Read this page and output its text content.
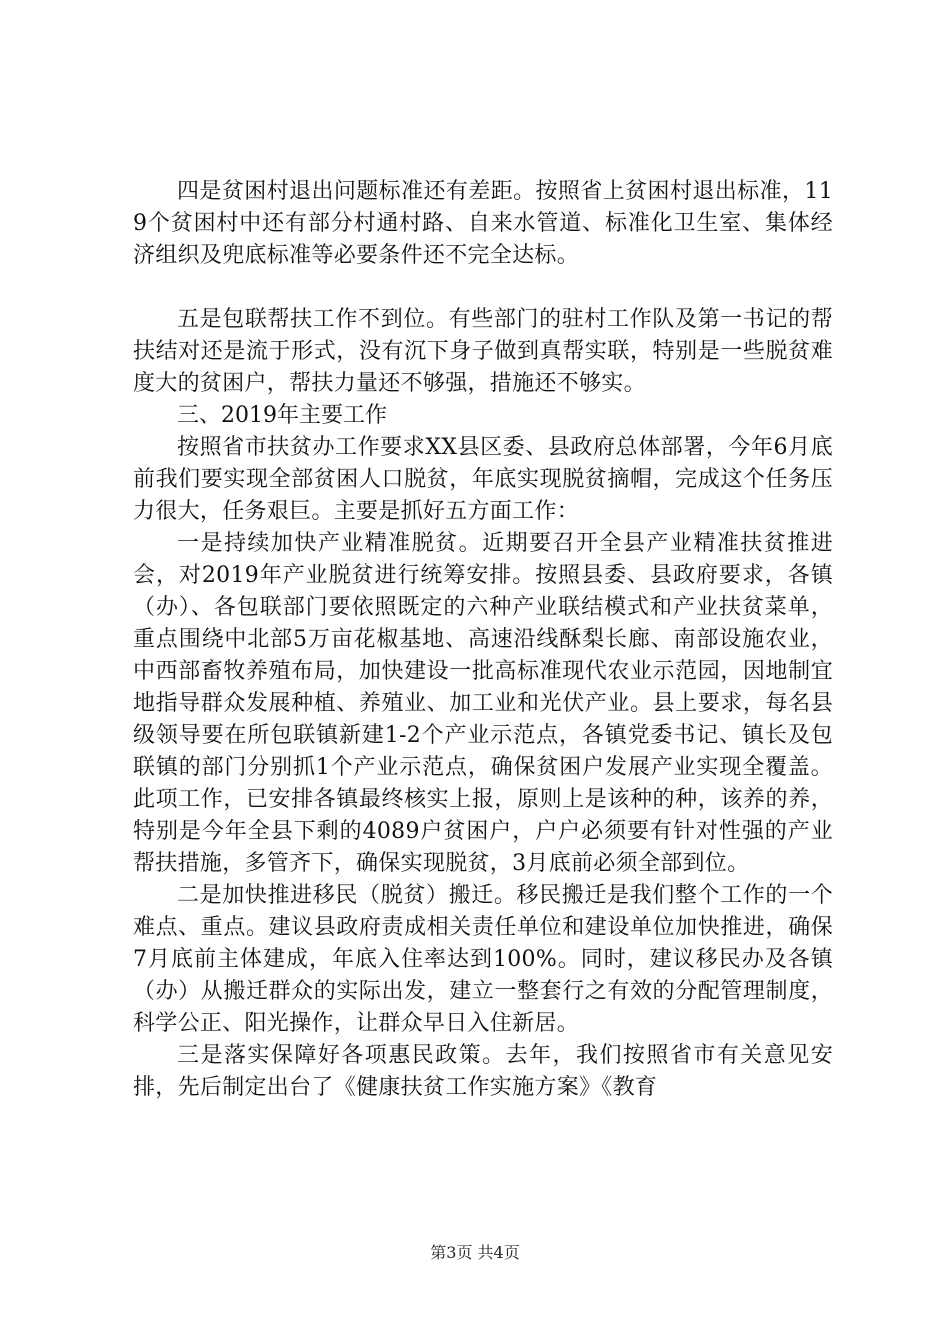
四是贫困村退出问题标准还有差距。按照省上贫困村退出标准，119个贫困村中还有部分村通村路、自来水管道、标准化卫生室、集体经济组织及兜底标准等必要条件还不完全达标。

五是包联帮扶工作不到位。有些部门的驻村工作队及第一书记的帮扶结对还是流于形式，没有沉下身子做到真帮实联，特别是一些脱贫难度大的贫困户，帮扶力量还不够强，措施还不够实。

三、2019年主要工作

按照省市扶贫办工作要求XX县区委、县政府总体部署，今年6月底前我们要实现全部贫困人口脱贫，年底实现脱贫摘帽，完成这个任务压力很大，任务艰巨。主要是抓好五方面工作：

一是持续加快产业精准脱贫。近期要召开全县产业精准扶贫推进会，对2019年产业脱贫进行统筹安排。按照县委、县政府要求，各镇（办）、各包联部门要依照既定的六种产业联结模式和产业扶贫菜单，重点围绕中北部5万亩花椒基地、高速沿线酥梨长廊、南部设施农业，中西部畜牧养殖布局，加快建设一批高标准现代农业示范园，因地制宜地指导群众发展种植、养殖业、加工业和光伏产业。县上要求，每名县级领导要在所包联镇新建1-2个产业示范点，各镇党委书记、镇长及包联镇的部门分别抓1个产业示范点，确保贫困户发展产业实现全覆盖。此项工作，已安排各镇最终核实上报，原则上是该种的种，该养的养，特别是今年全县下剩的4089户贫困户，户户必须要有针对性强的产业帮扶措施，多管齐下，确保实现脱贫，3月底前必须全部到位。

二是加快推进移民（脱贫）搬迁。移民搬迁是我们整个工作的一个难点、重点。建议县政府责成相关责任单位和建设单位加快推进，确保7月底前主体建成，年底入住率达到100%。同时，建议移民办及各镇（办）从搬迁群众的实际出发，建立一整套行之有效的分配管理制度，科学公正、阳光操作，让群众早日入住新居。

三是落实保障好各项惠民政策。去年，我们按照省市有关意见安排，先后制定出台了《健康扶贫工作实施方案》《教育

第3页 共4页
